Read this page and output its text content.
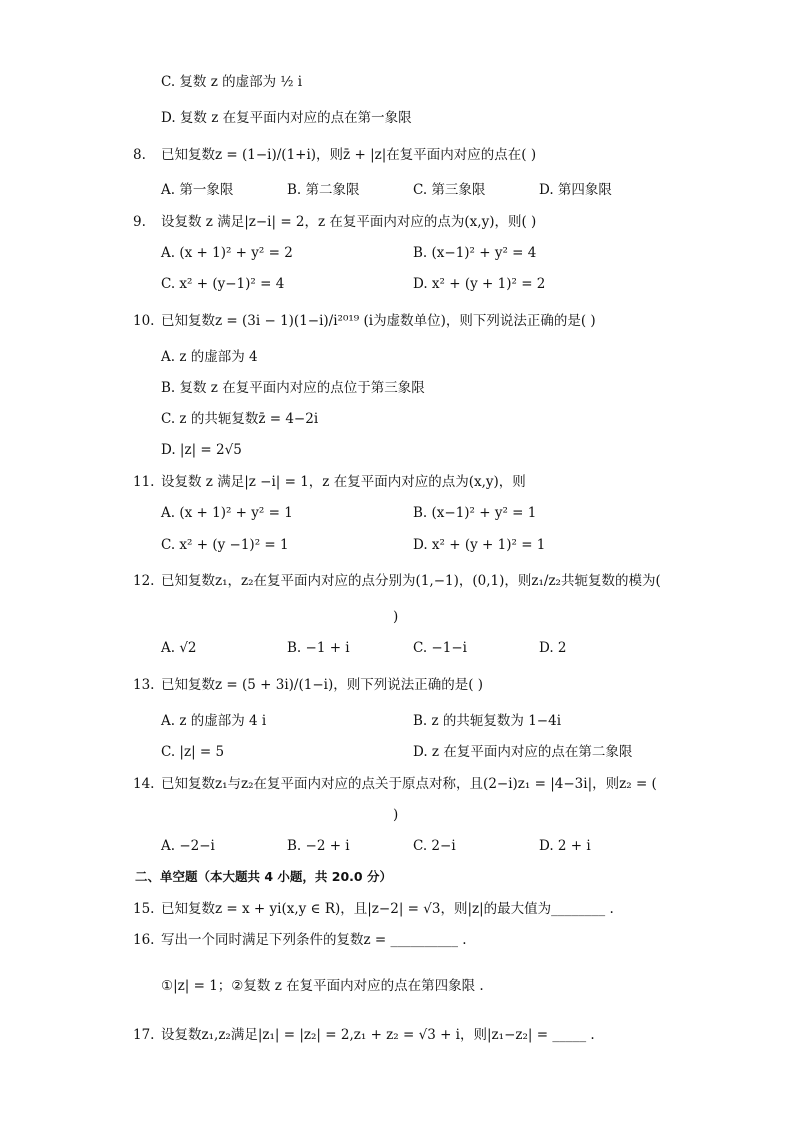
C. 复数 z 的虚部为 ½ i
D. 复数 z 在复平面内对应的点在第一象限
8. 已知复数z = (1−i)/(1+i)，则z̄ + |z|在复平面内对应的点在( )
A. 第一象限	B. 第二象限	C. 第三象限	D. 第四象限
9. 设复数 z 满足|z−i| = 2，z 在复平面内对应的点为(x,y)，则( )
A. (x + 1)² + y² = 2	B. (x−1)² + y² = 4
C. x² + (y−1)² = 4	D. x² + (y + 1)² = 2
10. 已知复数z = (3i − 1)(1−i)/i²⁰¹⁹ (i为虚数单位)，则下列说法正确的是( )
A. z 的虚部为 4
B. 复数 z 在复平面内对应的点位于第三象限
C. z 的共轭复数z̄ = 4−2i
D. |z| = 2√5
11. 设复数 z 满足|z −i| = 1，z 在复平面内对应的点为(x,y)，则
A. (x + 1)² + y² = 1	B. (x−1)² + y² = 1
C. x² + (y −1)² = 1	D. x² + (y + 1)² = 1
12. 已知复数z₁，z₂在复平面内对应的点分别为(1,−1)，(0,1)，则z₁/z₂共轭复数的模为(
)
A. √2	B. −1 + i	C. −1−i	D. 2
13. 已知复数z = (5 + 3i)/(1−i)，则下列说法正确的是( )
A. z 的虚部为 4 i	B. z 的共轭复数为 1−4i
C. |z| = 5	D. z 在复平面内对应的点在第二象限
14. 已知复数z₁与z₂在复平面内对应的点关于原点对称，且(2−i)z₁ = |4−3i|，则z₂ = (
)
A. −2−i	B. −2 + i	C. 2−i	D. 2 + i
二、单空题（本大题共 4 小题，共 20.0 分）
15. 已知复数z = x + yi(x,y ∈ R)，且|z−2| = √3，则|z|的最大值为________ .
16. 写出一个同时满足下列条件的复数z = __________ .
①|z| = 1；②复数 z 在复平面内对应的点在第四象限 .
17. 设复数z₁,z₂满足|z₁| = |z₂| = 2,z₁ + z₂ = √3 + i，则|z₁−z₂| = _____ .
